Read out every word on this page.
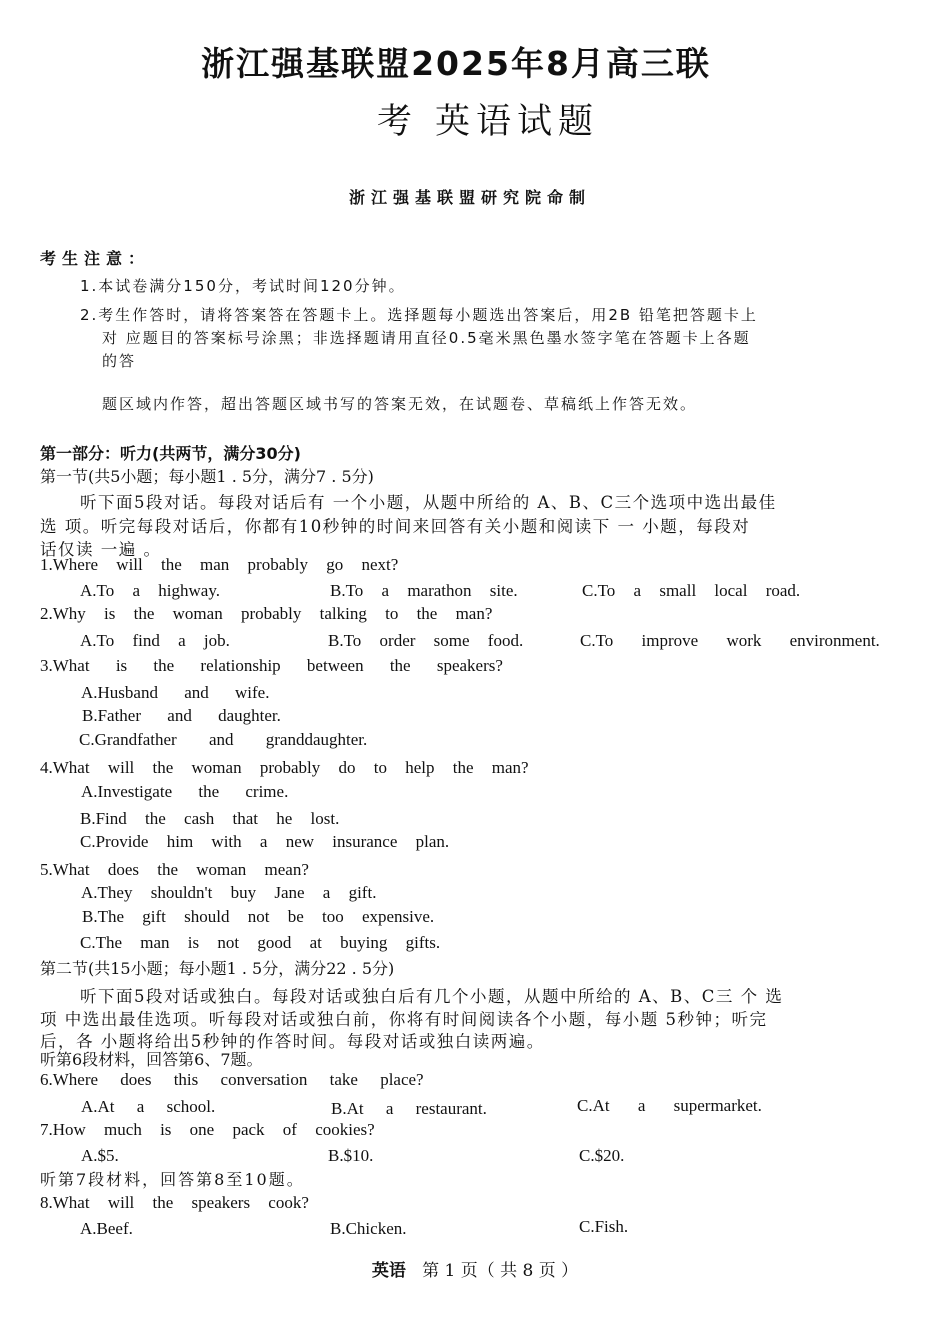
浙江强基联盟2025年8月高三联
考 英语试题
浙江强基联盟研究院命制
考生注意：
1.本试卷满分150分，考试时间120分钟。
2.考生作答时，请将答案答在答题卡上。选择题每小题选出答案后，用2B 铅笔把答题卡上
对 应题目的答案标号涂黑；非选择题请用直径0.5毫米黑色墨水签字笔在答题卡上各题
的答
题区域内作答，超出答题区域书写的答案无效，在试题卷、草稿纸上作答无效。
第一部分：听力(共两节，满分30分)
第一节(共5小题；每小题1 . 5分，满分7 . 5分)
听下面5段对话。每段对话后有 一个小题，从题中所给的 A、B、C三个选项中选出最佳
选 项。听完每段对话后，你都有10秒钟的时间来回答有关小题和阅读下 一 小题，每段对
话仅读 一遍 。
1.Where will the man probably go next?
A.To a highway.	B.To a marathon site.	C.To a small local road.
2.Why is the woman probably talking to the man?
A.To find a job.	B.To order some food.	C.To improve work environment.
3.What is the relationship between the speakers?
A.Husband and wife.
B.Father and daughter.
C.Grandfather and granddaughter.
4.What will the woman probably do to help the man?
A.Investigate the crime.
B.Find the cash that he lost.
C.Provide him with a new insurance plan.
5.What does the woman mean?
A.They shouldn't buy Jane a gift.
B.The gift should not be too expensive.
C.The man is not good at buying gifts.
第二节(共15小题；每小题1 . 5分，满分22 . 5分)
听下面5段对话或独白。每段对话或独白后有几个小题，从题中所给的 A、B、C三 个 选
项 中选出最佳选项。听每段对话或独白前，你将有时间阅读各个小题，每小题 5秒钟；听完
后，各 小题将给出5秒钟的作答时间。每段对话或独白读两遍。
听第6段材料，回答第6、7题。
6.Where does this conversation take place?
A.At a school.	B.At a restaurant.	C.At a supermarket.
7.How much is one pack of cookies?
A.$5.	B.$10.	C.$20.
听第7段材料，回答第8至10题。
8.What will the speakers cook?
A.Beef.	B.Chicken.	C.Fish.
英语 第 1 页（ 共 8 页 ）
